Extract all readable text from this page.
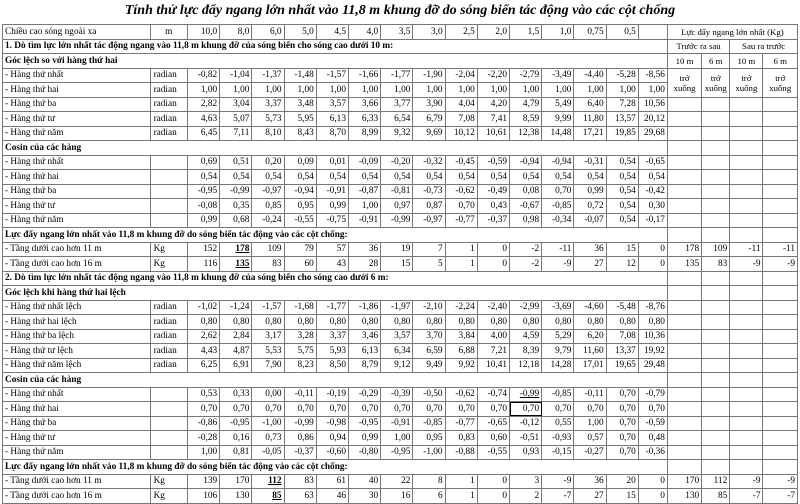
Tính thử lực đẩy ngang lớn nhất vào 11,8 m khung đỡ do sóng biển tác động vào các cột chống
Chiều cao sóng ngoài xa	m	10,0	8,0	6,0	5,0	4,5	4,0	3,5	3,0	2,5	2,0	1,5	1,0	0,75	0,5		Lực đẩy ngang lớn nhất (Kg)			
1. Dò tìm lực lớn nhất tác động ngang vào 11,8 m khung đỡ của sóng biển cho sóng cao dưới 10 m:																	Trước ra sau		Sau ra trước	
Góc lệch so với hàng thứ hai																	10 m	6 m	10 m	6 m
- Hàng thứ nhất	radian	-0,82	-1,04	-1,37	-1,48	-1,57	-1,66	-1,77	-1,90	-2,04	-2,20	-2,79	-3,49	-4,40	-5,28	-8,56	trở xuống	trở xuống	trở xuống	trở xuống
- Hàng thứ hai	radian	1,00	1,00	1,00	1,00	1,00	1,00	1,00	1,00	1,00	1,00	1,00	1,00	1,00	1,00	1,00				
- Hàng thứ ba	radian	2,82	3,04	3,37	3,48	3,57	3,66	3,77	3,90	4,04	4,20	4,79	5,49	6,40	7,28	10,56				
- Hàng thứ tư	radian	4,63	5,07	5,73	5,95	6,13	6,33	6,54	6,79	7,08	7,41	8,59	9,99	11,80	13,57	20,12				
- Hàng thứ năm	radian	6,45	7,11	8,10	8,43	8,70	8,99	9,32	9,69	10,12	10,61	12,38	14,48	17,21	19,85	29,68				
Cosin của các hàng																				
- Hàng thứ nhất		0,69	0,51	0,20	0,09	0,01	-0,09	-0,20	-0,32	-0,45	-0,59	-0,94	-0,94	-0,31	0,54	-0,65				
- Hàng thứ hai		0,54	0,54	0,54	0,54	0,54	0,54	0,54	0,54	0,54	0,54	0,54	0,54	0,54	0,54	0,54				
- Hàng thứ ba		-0,95	-0,99	-0,97	-0,94	-0,91	-0,87	-0,81	-0,73	-0,62	-0,49	0,08	0,70	0,99	0,54	-0,42				
- Hàng thứ tư		-0,08	0,35	0,85	0,95	0,99	1,00	0,97	0,87	0,70	0,43	-0,67	-0,85	0,72	0,54	0,30				
- Hàng thứ năm		0,99	0,68	-0,24	-0,55	-0,75	-0,91	-0,99	-0,97	-0,77	-0,37	0,98	-0,34	-0,07	0,54	-0,17				
Lực đẩy ngang lớn nhất vào 11,8 m khung đỡ do sóng biển tác động vào các cột chống:																				
- Tầng dưới cao hơn 11 m	Kg	152	178	109	79	57	36	19	7	1	0	-2	-11	36	15	0	178	109	-11	-11
- Tầng dưới cao hơn 16 m	Kg	116	135	83	60	43	28	15	5	1	0	-2	-9	27	12	0	135	83	-9	-9
2. Dò tìm lực lớn nhất tác động ngang vào 11,8 m khung đỡ của sóng biển cho sóng cao dưới 6 m:																				
Góc lệch khi hàng thứ hai lệch																				
- Hàng thứ nhất lệch	radian	-1,02	-1,24	-1,57	-1,68	-1,77	-1,86	-1,97	-2,10	-2,24	-2,40	-2,99	-3,69	-4,60	-5,48	-8,76				
- Hàng thứ hai lệch	radian	0,80	0,80	0,80	0,80	0,80	0,80	0,80	0,80	0,80	0,80	0,80	0,80	0,80	0,80	0,80				
- Hàng thứ ba lệch	radian	2,62	2,84	3,17	3,28	3,37	3,46	3,57	3,70	3,84	4,00	4,59	5,29	6,20	7,08	10,36				
- Hàng thứ tư lệch	radian	4,43	4,87	5,53	5,75	5,93	6,13	6,34	6,59	6,88	7,21	8,39	9,79	11,60	13,37	19,92				
- Hàng thứ năm lệch	radian	6,25	6,91	7,90	8,23	8,50	8,79	9,12	9,49	9,92	10,41	12,18	14,28	17,01	19,65	29,48				
Cosin của các hàng																				
- Hàng thứ nhất		0,53	0,33	0,00	-0,11	-0,19	-0,29	-0,39	-0,50	-0,62	-0,74	-0,99	-0,85	-0,11	0,70	-0,79				
- Hàng thứ hai		0,70	0,70	0,70	0,70	0,70	0,70	0,70	0,70	0,70	0,70	0,70	0,70	0,70	0,70	0,70				
- Hàng thứ ba		-0,86	-0,95	-1,00	-0,99	-0,98	-0,95	-0,91	-0,85	-0,77	-0,65	-0,12	0,55	1,00	0,70	-0,59				
- Hàng thứ tư		-0,28	0,16	0,73	0,86	0,94	0,99	1,00	0,95	0,83	0,60	-0,51	-0,93	0,57	0,70	0,48				
- Hàng thứ năm		1,00	0,81	-0,05	-0,37	-0,60	-0,80	-0,95	-1,00	-0,88	-0,55	0,93	-0,15	-0,27	0,70	-0,36				
Lực đẩy ngang lớn nhất vào 11,8 m khung đỡ do sóng biển tác động vào các cột chống:																				
- Tầng dưới cao hơn 11 m	Kg	139	170	112	83	61	40	22	8	1	0	3	-9	36	20	0	170	112	-9	-9
- Tầng dưới cao hơn 16 m	Kg	106	130	85	63	46	30	16	6	1	0	2	-7	27	15	0	130	85	-7	-7
